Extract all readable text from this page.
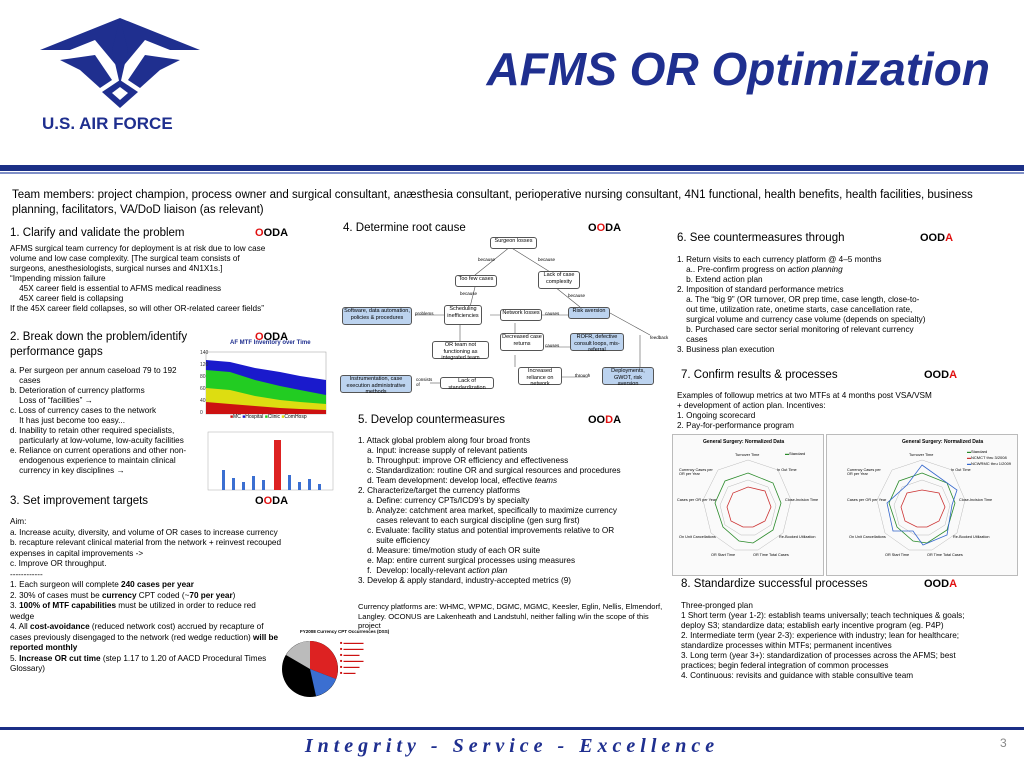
U.S. AIR FORCE
AFMS OR Optimization
Team members: project champion, process owner and surgical consultant, anæsthesia consultant, perioperative nursing consultant, 4N1 functional, health benefits, health facilities, business planning, facilitators, VA/DoD liaison (as relevant)
1. Clarify and validate the problem	OODA
AFMS surgical team currency for deployment is at risk due to low case
volume and low case complexity. [The surgical team consists of
surgeons, anesthesiologists, surgical nurses and 4N1X1s.]
“Impending mission failure
45X career field is essential to AFMS medical readiness
45X career field is collapsing
If the 45X career field collapses, so will other OR-related career fields”
2. Break down the problem/identify
performance gaps
OODA
a. Per surgeon per annum caseload 79 to 192
cases
b. Deterioration of currency platforms
Loss of “facilities” →
c. Loss of currency cases to the network
It has just become too easy...
d. Inability to retain other required specialists,
particularly at low-volume, low-acuity facilities
e. Reliance on current operations and other non-
endogenous experience to maintain clinical
currency in key disciplines →
AF MTF Inventory over Time
140
120
80
60
40
0
■MC ■Hospital ■Clinic ■ComHosp
3. Set improvement targets	OODA
Aim:
a. Increase acuity, diversity, and volume of OR cases to increase currency
b. recapture relevant clinical material from the network + reinvest recouped expenses in capital improvements ->
c. Improve OR throughput.
------------
1. Each surgeon will complete 240 cases per year
2. 30% of cases must be currency CPT coded (~70 per year)
3. 100% of MTF capabilities must be utilized in order to reduce red wedge
4. All cost-avoidance (reduced network cost) accrued by recapture of cases previously disengaged to the network (red wedge reduction) will be reported monthly
5. Increase OR cut time (step 1.17 to 1.20 of AACD Procedural Times Glossary)
FY2008 Currency CPT Occurrences (DSS)
■ ▬▬▬▬▬
■ ▬▬▬▬▬
■ ▬▬▬▬
■ ▬▬▬▬▬
■ ▬▬▬▬
■ ▬▬▬
4. Determine root cause	OODA
Surgeon losses
Too few cases
Lack of case complexity
Software, data automation, policies & procedures
Scheduling inefficiencies	Network losses	Risk aversion
Decreased case returns
ROFR, defective consult loops, mis-referral
OR team not functioning as integrated team
Instrumentation, case execution administrative methods
Lack of standardization
Increased reliance on network
Deployments, GWOT, risk aversion
because	because
because	because
problems	causes
causes
feedback
through
consists of
5. Develop countermeasures	OODA
1. Attack global problem along four broad fronts
a. Input: increase supply of relevant patients
b. Throughput: improve OR efficiency and effectiveness
c. Standardization: routine OR and surgical resources and procedures
d. Team development: develop local, effective teams
2. Characterize/target the currency platforms
a. Define: currency CPTs/ICD9's by specialty
b. Analyze: catchment area market, specifically to maximize currency
cases relevant to each surgical discipline (gen surg first)
c. Evaluate: facility status and potential improvements relative to OR
suite efficiency
d. Measure: time/motion study of each OR suite
e. Map: entire current surgical processes using measures
f.  Develop: locally-relevant action plan
3. Develop & apply standard, industry-accepted metrics (9)
Currency platforms are: WHMC, WPMC, DGMC, MGMC, Keesler, Eglin, Nellis, Elmendorf, Langley. OCONUS are Lakenheath and Landstuhl, neither falling w/in the scope of this project
6. See countermeasures through	OODA
1. Return visits to each currency platform @ 4–5 months
a.. Pre-confirm progress on action planning
b. Extend action plan
2. Imposition of standard performance metrics
a. The “big 9” (OR turnover, OR prep time, case length, close-to-
out time, utilization rate, onetime starts, case cancellation rate,
surgical volume and currency case volume (depends on specialty)
b. Purchased care sector serial monitoring of relevant currency
cases
3. Business plan execution
7. Confirm results & processes	OODA
Examples of followup metrics at two MTFs at 4 months post VSA/VSM
+ development of action plan. Incentives:
1. Ongoing scorecard
2. Pay-for-performance program
General Surgery: Normalized Data
Turnover Time
In Out Time
Close-Incision Time
Re-Booked Utilization
OR Time Total Cases
OR Start Time
On Unit Cancellations
Cases per OR per Year
Currency Cases per OR per Year
▬Standard
General Surgery: Normalized Data
Turnover Time
In Out Time
Close-Incision Time
Re-Booked Utilization
OR Time Total Cases
OR Start Time
On Unit Cancellations
Cases per OR per Year
Currency Cases per OR per Year
▬Standard
▬NCMCT thru 3/2008
▬NCWRMC thru 1/2009
8. Standardize successful processes	OODA
Three-pronged plan
1 Short term (year 1-2): establish teams universally; teach techniques & goals;
deploy S3; standardize data; establish early incentive program (eg. P4P)
2. Intermediate term (year 2-3): experience with industry; lean for healthcare;
standardize processes within MTFs; permanent incentives
3. Long term (year 3+): standardization of processes across the AFMS; best
practices; begin federal integration of common processes
4. Continuous: revisits and guidance with stable consultive team
Integrity - Service - Excellence	3
